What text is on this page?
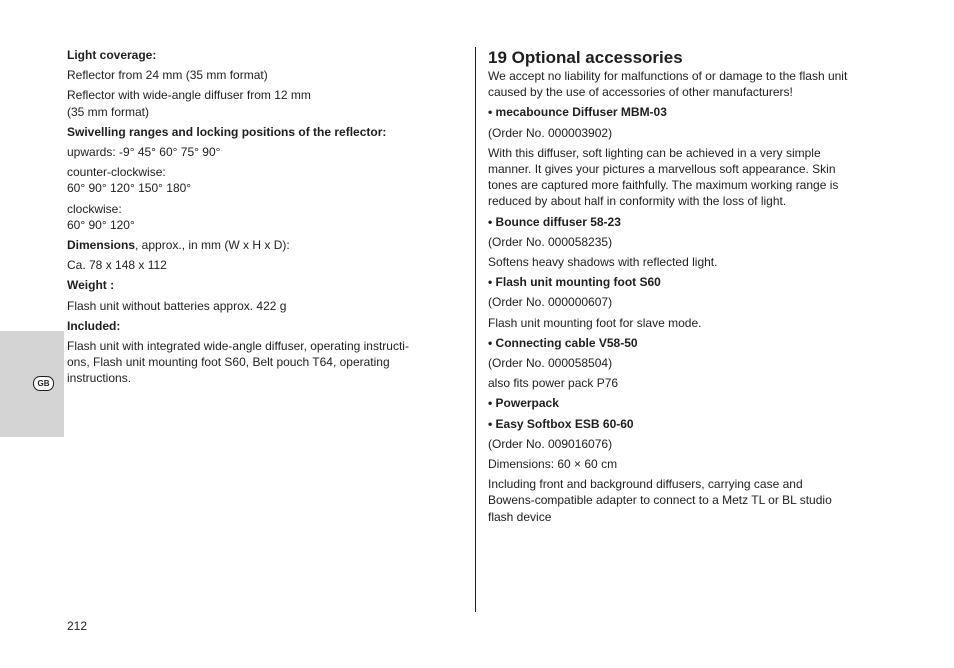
GB

Light coverage:

Reflector from 24 mm (35 mm format)

Reflector with wide-angle diffuser from 12 mm
(35 mm format)

Swivelling ranges and locking positions of the reflector:

upwards: -9° 45° 60° 75° 90°

counter-clockwise:
60° 90° 120° 150° 180°

clockwise:
60° 90° 120°

Dimensions, approx., in mm (W x H x D):

Ca. 78 x 148 x 112

Weight :

Flash unit without batteries approx. 422 g

Included:

Flash unit with integrated wide-angle diffuser, operating instructi-
ons, Flash unit mounting foot S60, Belt pouch T64, operating
instructions.

19 Optional accessories

We accept no liability for malfunctions of or damage to the flash unit
caused by the use of accessories of other manufacturers!

• mecabounce Diffuser MBM-03

(Order No. 000003902)

With this diffuser, soft lighting can be achieved in a very simple
manner. It gives your pictures a marvellous soft appearance. Skin
tones are captured more faithfully. The maximum working range is
reduced by about half in conformity with the loss of light.

• Bounce diffuser 58-23

(Order No. 000058235)

Softens heavy shadows with reflected light.

• Flash unit mounting foot S60

(Order No. 000000607)

Flash unit mounting foot for slave mode.

• Connecting cable V58-50

(Order No. 000058504)

also fits power pack P76

• Powerpack

• Easy Softbox ESB 60-60

(Order No. 009016076)

Dimensions: 60 × 60 cm

Including front and background diffusers, carrying case and
Bowens-compatible adapter to connect to a Metz TL or BL studio
flash device

212
